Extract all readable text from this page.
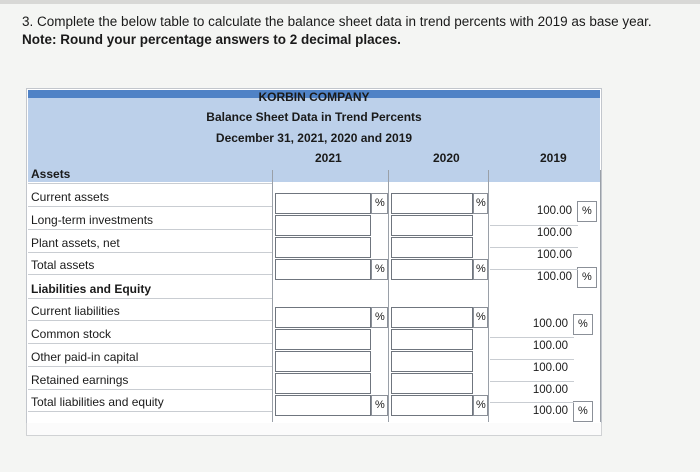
3. Complete the below table to calculate the balance sheet data in trend percents with 2019 as base year.
Note: Round your percentage answers to 2 decimal places.
KORBIN COMPANY
Balance Sheet Data in Trend Percents
December 31, 2021, 2020 and 2019
2021	2020	2019
Assets
Current assets
Long-term investments
Plant assets, net
Total assets
Liabilities and Equity
Current liabilities
Common stock
Other paid-in capital
Retained earnings
Total liabilities and equity
%
%
%
%
100.00 %
100.00
100.00
100.00 %
%
%
%
%
100.00 %
100.00
100.00
100.00
100.00 %
